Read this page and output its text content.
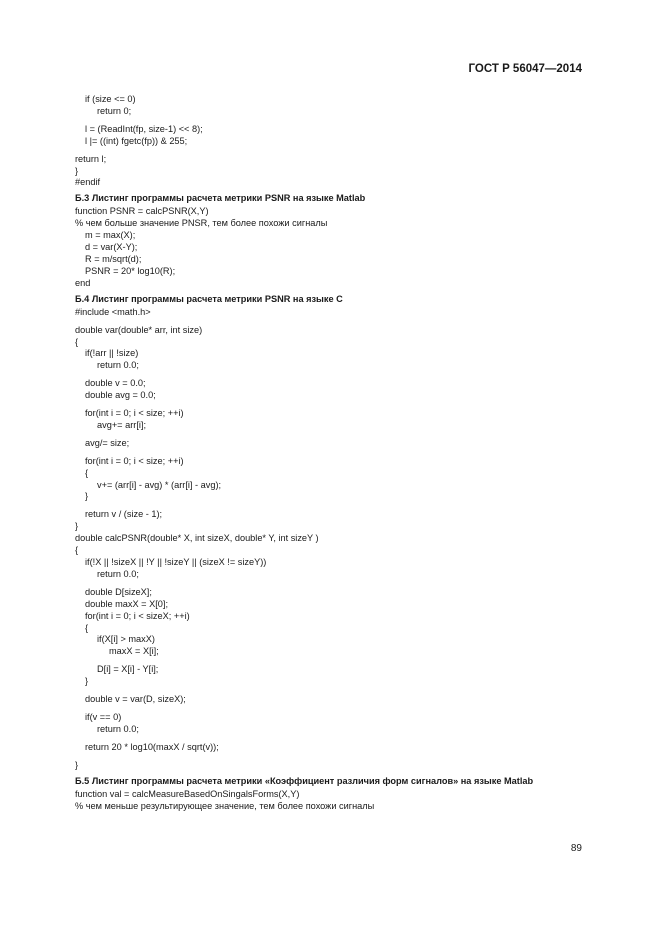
ГОСТ Р 56047—2014
if (size <= 0)
return 0;
l = (ReadInt(fp, size-1) << 8);
l |= ((int) fgetc(fp)) & 255;
return l;
}
#endif
Б.3 Листинг программы расчета метрики PSNR на языке Matlab
function PSNR = calcPSNR(X,Y)
% чем больше значение PNSR, тем более похожи сигналы
m = max(X);
d = var(X-Y);
R = m/sqrt(d);
PSNR = 20* log10(R);
end
Б.4 Листинг программы расчета метрики PSNR на языке С
#include <math.h>
double var(double* arr, int size)
{
if(!arr || !size)
return 0.0;
double v = 0.0;
double avg = 0.0;
for(int i = 0; i < size; ++i)
avg+= arr[i];
avg/= size;
for(int i = 0; i < size; ++i)
{
v+= (arr[i] - avg) * (arr[i] - avg);
}
return v / (size - 1);
}
double calcPSNR(double* X, int sizeX, double* Y, int sizeY )
{
if(!X || !sizeX || !Y || !sizeY || (sizeX != sizeY))
return 0.0;
double D[sizeX];
double maxX = X[0];
for(int i = 0; i < sizeX; ++i)
{
if(X[i] > maxX)
maxX = X[i];
D[i] = X[i] - Y[i];
}
double v = var(D, sizeX);
if(v == 0)
return 0.0;
return 20 * log10(maxX / sqrt(v));
}
Б.5 Листинг программы расчета метрики «Коэффициент различия форм сигналов» на языке Matlab
function val = calcMeasureBasedOnSingalsForms(X,Y)
% чем меньше результирующее значение, тем более похожи сигналы
89
